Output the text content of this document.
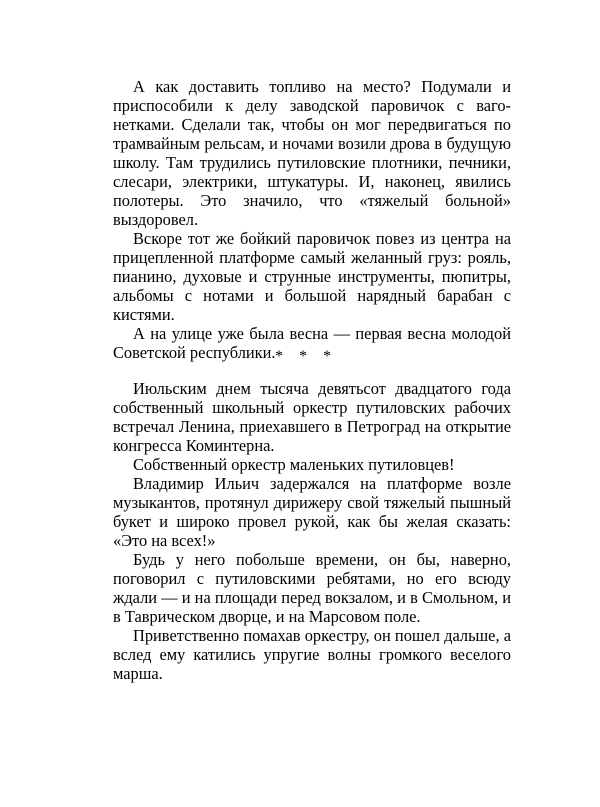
А как доставить топливо на место? Подумали и приспособили к делу заводской паровичок с вагонетками. Сделали так, чтобы он мог передвигаться по трамвайным рельсам, и ночами возили дрова в будущую школу. Там трудились путиловские плотники, печники, слесари, электрики, штукатуры. И, наконец, явились полотеры. Это значило, что «тяжелый больной» выздоровел.

Вскоре тот же бойкий паровичок повез из центра на прицепленной платформе самый желанный груз: рояль, пианино, духовые и струнные инструменты, пюпитры, альбомы с нотами и большой нарядный барабан с кистями.

А на улице уже была весна — первая весна молодой Советской республики. * * *

Июльским днем тысяча девятьсот двадцатого года собственный школьный оркестр путиловских рабочих встречал Ленина, приехавшего в Петроград на открытие конгресса Коминтерна.

Собственный оркестр маленьких путиловцев!

Владимир Ильич задержался на платформе возле музыкантов, протянул дирижеру свой тяжелый пышный букет и широко провел рукой, как бы желая сказать: «Это на всех!»

Будь у него побольше времени, он бы, наверно, поговорил с путиловскими ребятами, но его всюду ждали — и на площади перед вокзалом, и в Смольном, и в Таврическом дворце, и на Марсовом поле.

Приветственно помахав оркестру, он пошел дальше, а вслед ему катились упругие волны громкого веселого марша.
